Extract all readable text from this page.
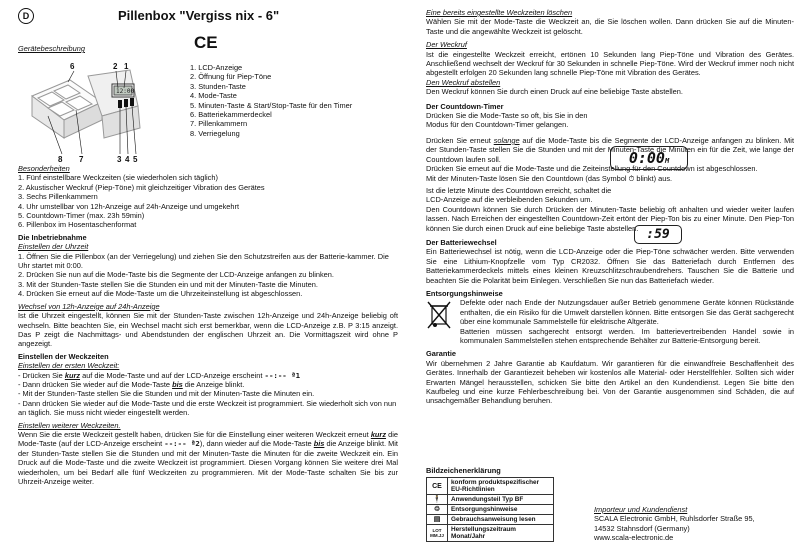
D	Pillenbox "Vergiss nix - 6"
Gerätebeschreibung	CE
6	2 1
8 7	3 4 5
12:00

1. LCD-Anzeige

2. Öffnung für Piep-Töne

3. Stunden-Taste

4. Mode-Taste

5. Minuten-Taste & Start/Stop-Taste für den Timer

6. Batteriekammerdeckel

7. Pillenkammern

8. Verriegelung

Besonderheiten

1. Fünf einstellbare Weckzeiten (sie wiederholen sich täglich)

2. Akustischer Weckruf (Piep-Töne) mit gleichzeitiger Vibration des Gerätes

3. Sechs Pillenkammern

4. Uhr umstellbar von 12h-Anzeige auf 24h-Anzeige und umgekehrt

5. Countdown-Timer (max. 23h 59min)

6. Pillenbox im Hosentaschenformat

Die Inbetriebnahme

Einstellen der Uhrzeit

1. Öffnen Sie die Pillenbox (an der Verriegelung) und ziehen Sie den Schutzstreifen aus der Batterie-kammer. Die Uhr startet mit 0:00.

2. Drücken Sie nun auf die Mode-Taste bis die Segmente der LCD-Anzeige anfangen zu blinken.

3. Mit der Stunden-Taste stellen Sie die Stunden ein und mit der Minuten-Taste die Minuten.

4. Drücken Sie erneut auf die Mode-Taste um die Uhrzeiteinstellung ist abgeschlossen.

Wechsel von 12h-Anzeige auf 24h-Anzeige

Ist die Uhrzeit eingestellt, können Sie mit der Stunden-Taste zwischen 12h-Anzeige und 24h-Anzeige beliebig oft wechseln. Bitte beachten Sie, ein Wechsel macht sich erst bemerkbar, wenn die LCD-Anzeige z.B. P 3:15 anzeigt. Das P zeigt die Nachmittags- und Abendstunden der englischen Uhrzeit an. Die Vormittagszeit wird ohne P angezeigt.

Einstellen der Weckzeiten

Einstellen der ersten Weckzeit:

- Drücken Sie kurz auf die Mode-Taste und auf der LCD-Anzeige erscheint --:-- ª1

- Dann drücken Sie wieder auf die Mode-Taste bis die Anzeige blinkt.

- Mit der Stunden-Taste stellen Sie die Stunden und mit der Minuten-Taste die Minuten ein.

- Dann drücken Sie wieder auf die Mode-Taste und die erste Weckzeit ist programmiert. Sie wiederholt sich von nun an täglich. Sie muss nicht wieder eingestellt werden.

Einstellen weiterer Weckzeiten.

Wenn Sie die erste Weckzeit gestellt haben, drücken Sie für die Einstellung einer weiteren Weckzeit erneut kurz die Mode-Taste (auf der LCD-Anzeige erscheint --:-- ª2), dann wieder auf die Mode-Taste bis die Anzeige blinkt. Mit der Stunden-Taste stellen Sie die Stunden und mit der Minuten-Taste die Minuten für die zweite Weckzeit ein. Ein Druck auf die Mode-Taste und die zweite Weckzeit ist programmiert. Diesen Vorgang können Sie weitere drei Mal wiederholen, um bei Bedarf alle fünf Weckzeiten zu programmieren. Mit der Mode-Taste schalten Sie bis zur Uhrzeit-Anzeige weiter.

Eine bereits eingestellte Weckzeiten löschen

Wählen Sie mit der Mode-Taste die Weckzeit an, die Sie löschen wollen. Dann drücken Sie auf die Minuten-Taste und die angewählte Weckzeit ist gelöscht.

Der Weckruf

Ist die eingestellte Weckzeit erreicht, ertönen 10 Sekunden lang Piep-Töne und Vibration des Gerätes. Anschließend wechselt der Weckruf für 30 Sekunden in schnelle Piep-Töne. Wird der Weckruf immer noch nicht abgestellt erfolgen 20 Sekunden lang schnelle Piep-Töne mit Vibration des Gerätes.

Den Weckruf abstellen

Den Weckruf können Sie durch einen Druck auf eine beliebige Taste abstellen.

Der Countdown-Timer

Drücken Sie die Mode-Taste so oft, bis Sie in den Modus für den Countdown-Timer gelangen.

Drücken Sie erneut solange auf die Mode-Taste bis die Segmente der LCD-Anzeige anfangen zu blinken. Mit der Stunden-Taste stellen Sie die Stunden und mit der Minuten-Taste die Minuten ein für die Zeit, wie lange der Countdown laufen soll.

Drücken Sie erneut auf die Mode-Taste und die Zeiteinstellung für den Countdown ist abgeschlossen.

Mit der Minuten-Taste lösen Sie den Countdown (das Symbol ⏱ blinkt) aus.

Ist die letzte Minute des Countdown erreicht, schaltet die LCD-Anzeige auf die verbleibenden Sekunden um.

Den Countdown können Sie durch Drücken der Minuten-Taste beliebig oft anhalten und wieder weiter laufen lassen. Nach Erreichen der eingestellten Countdown-Zeit ertönt der Piep-Ton bis zu einer Minute. Den Piep-Ton können Sie durch einen Druck auf eine beliebige Taste abstellen.

0:00M
:59

Der Batteriewechsel

Ein Batteriewechsel ist nötig, wenn die LCD-Anzeige oder die Piep-Töne schwächer werden. Bitte verwenden Sie eine Lithium-Knopfzelle vom Typ CR2032. Öffnen Sie das Batteriefach durch Entfernen des Batteriekammerdeckels mittels eines kleinen Kreuzschlitzschraubendrehers. Tauschen Sie die Batterie und beachten Sie die Polarität beim Einlegen. Verschließen Sie nun das Batteriefach wieder.

Entsorgungshinweise

Defekte oder nach Ende der Nutzungsdauer außer Betrieb genommene Geräte können Rückstände enthalten, die ein Risiko für die Umwelt darstellen können. Bitte entsorgen Sie das Gerät sachgerecht über eine kommunale Sammelstelle für elektrische Altgeräte.

Batterien müssen sachgerecht entsorgt werden. Im batterievertreibenden Handel sowie in kommunalen Sammelstellen stehen entsprechende Behälter zur Batterie-Entsorgung bereit.

Garantie

Wir übernehmen 2 Jahre Garantie ab Kaufdatum. Wir garantieren für die einwandfreie Beschaffenheit des Gerätes. Innerhalb der Garantiezeit beheben wir kostenlos alle Material- oder Herstellfehler. Sollten sich wider Erwarten Mängel herausstellen, schicken Sie bitte den Artikel an den Kundendienst. Legen Sie bitte den Kaufbeleg und eine kurze Fehlerbeschreibung bei. Von der Garantie ausgenommen sind Schäden, die auf unsachgemäßer Behandlung beruhen.

Bildzeichenerklärung

CE	konform produktspezifischer EU-Richtlinien
🕴	Anwendungsteil Typ BF
♲	Entsorgungshinweise
▤	Gebrauchsanweisung lesen
LOT MM.JJ	Herstellungszeitraum Monat/Jahr

Importeur und Kundendienst

SCALA Electronic GmbH, Ruhlsdorfer Straße 95,

14532 Stahnsdorf (Germany)

www.scala-electronic.de
